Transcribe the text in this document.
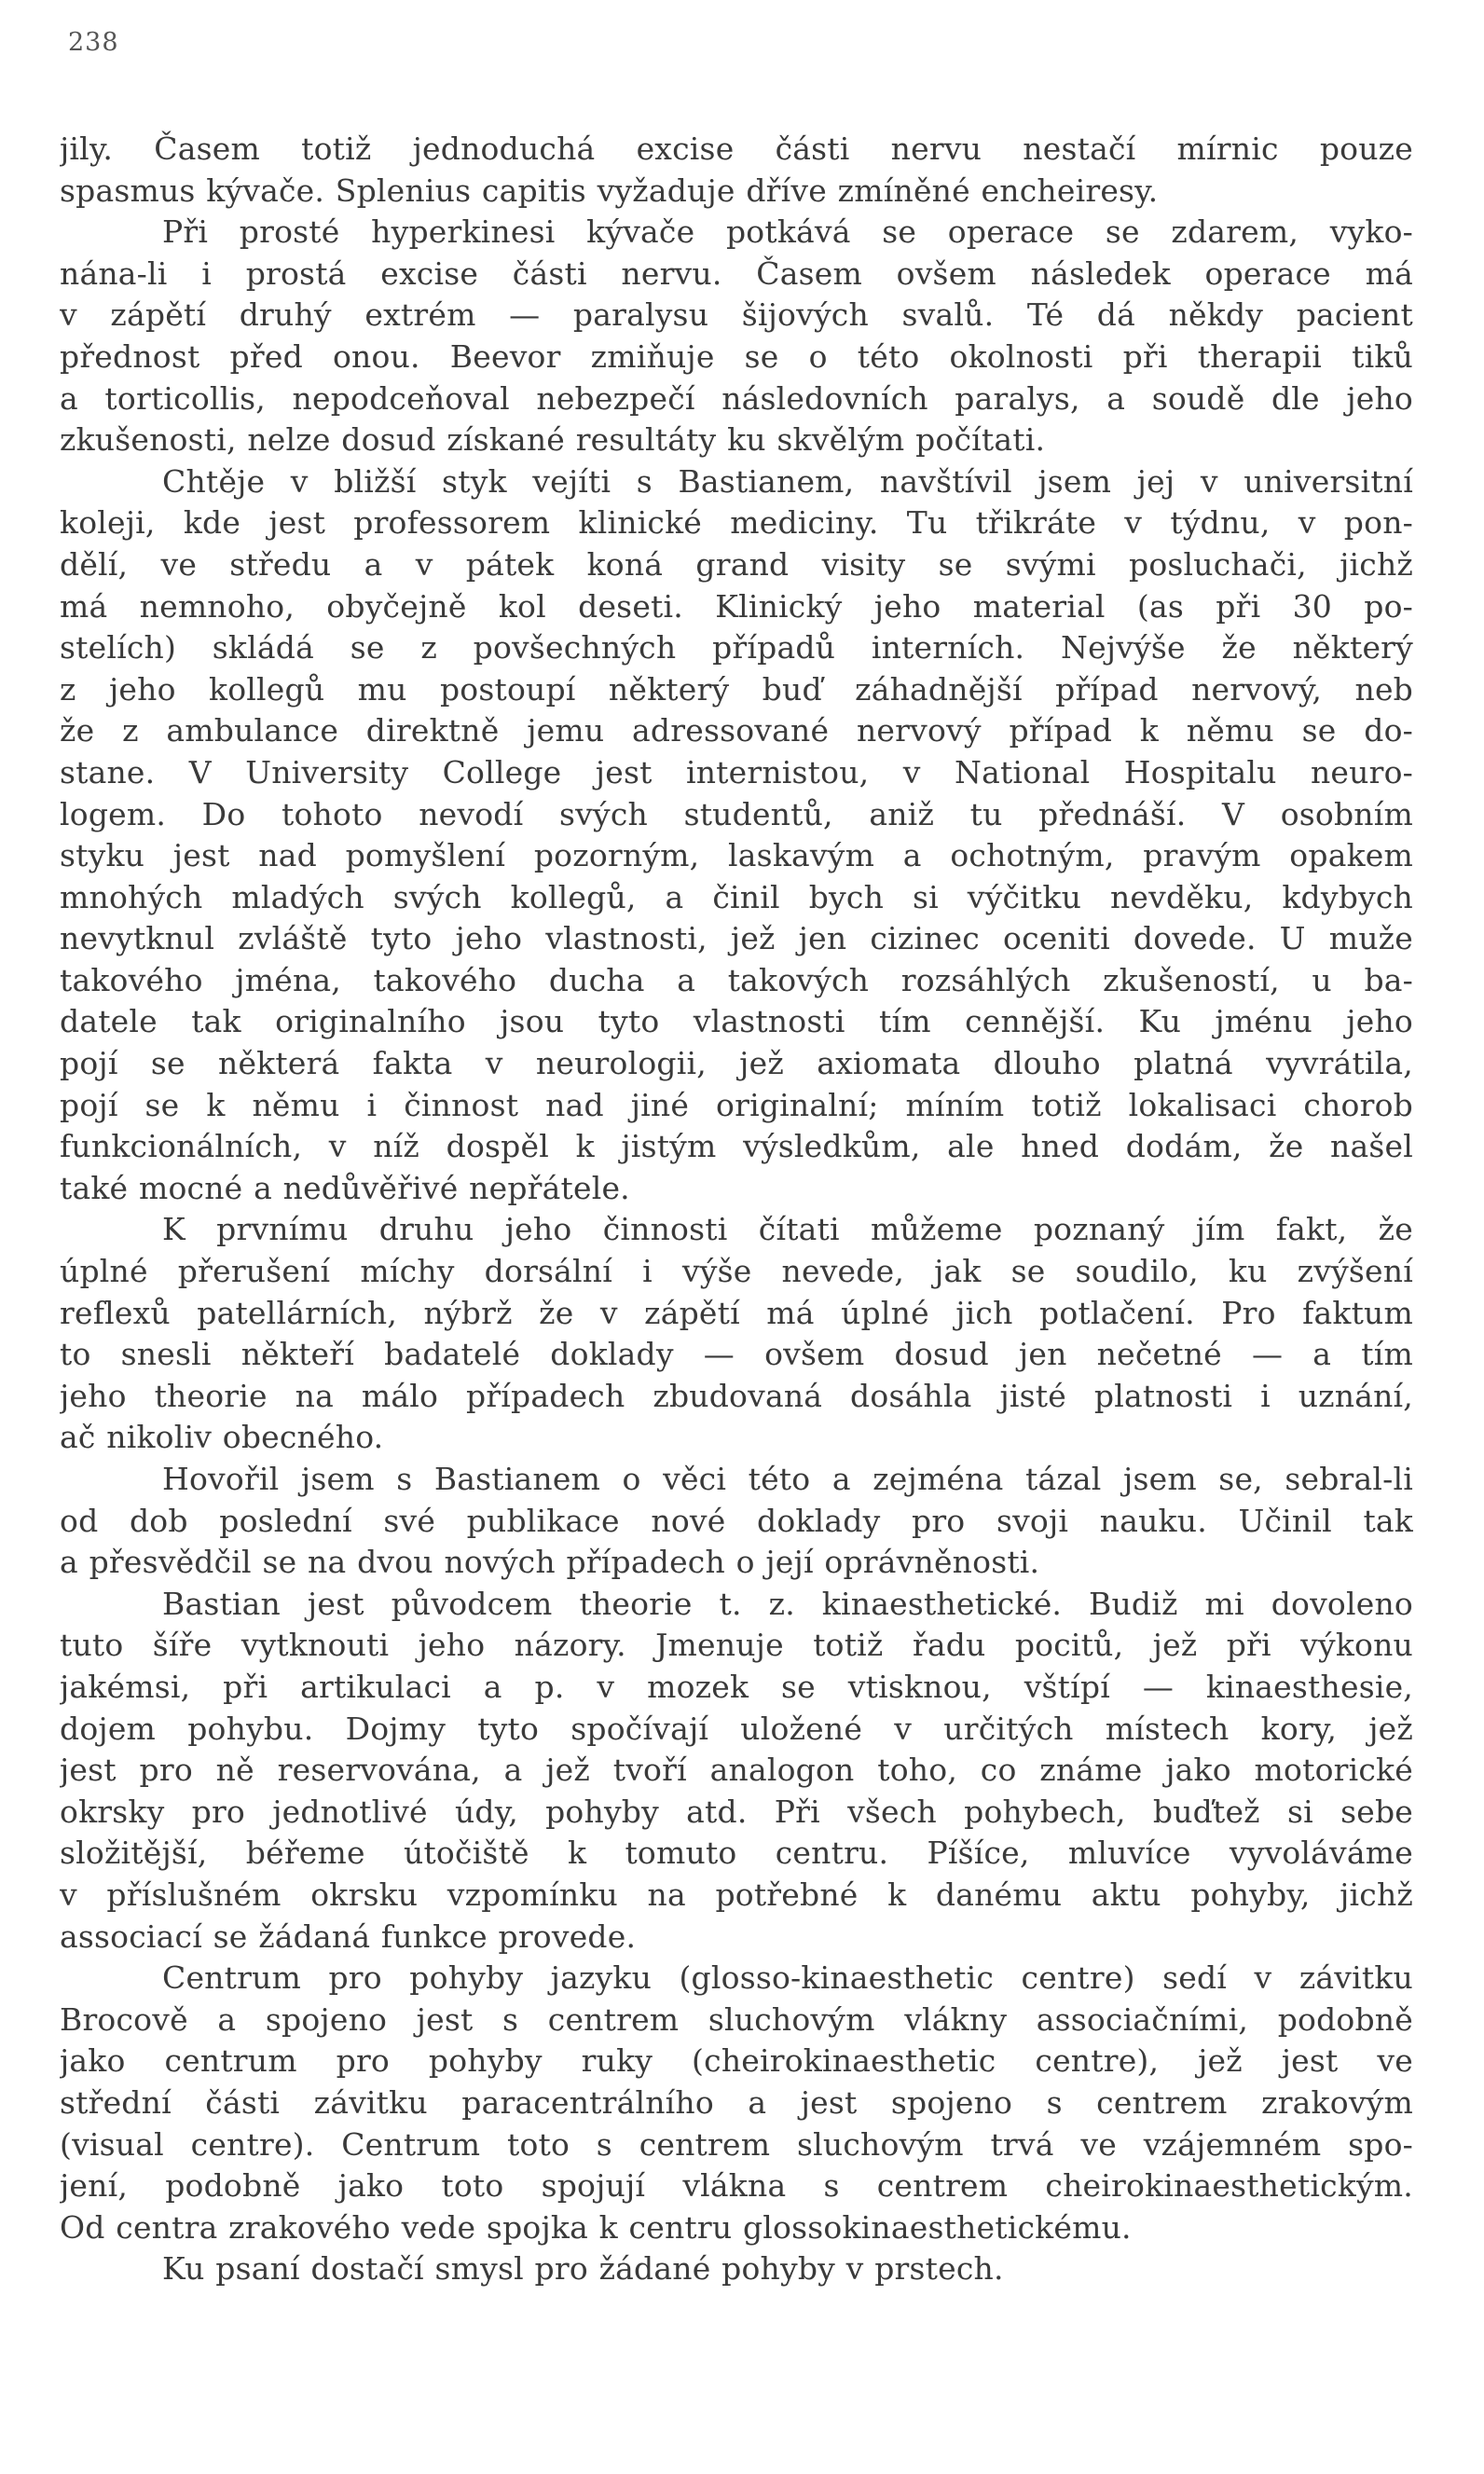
238
jily. Časem totiž jednoduchá excise části nervu nestačí mírnic pouze
spasmus kývače. Splenius capitis vyžaduje dříve zmíněné encheiresy.
Při prosté hyperkinesi kývače potkává se operace se zdarem, vyko-
nána-li i prostá excise části nervu. Časem ovšem následek operace má
v zápětí druhý extrém — paralysu šijových svalů. Té dá někdy pacient
přednost před onou. Beevor zmiňuje se o této okolnosti při therapii tiků
a torticollis, nepodceňoval nebezpečí následovních paralys, a soudě dle jeho
zkušenosti, nelze dosud získané resultáty ku skvělým počítati.
Chtěje v bližší styk vejíti s Bastianem, navštívil jsem jej v universitní
koleji, kde jest professorem klinické mediciny. Tu třikráte v týdnu, v pon-
dělí, ve středu a v pátek koná grand visity se svými posluchači, jichž
má nemnoho, obyčejně kol deseti. Klinický jeho material (as při 30 po-
stelích) skládá se z povšechných případů interních. Nejvýše že některý
z jeho kollegů mu postoupí některý buď záhadnější případ nervový, neb
že z ambulance direktně jemu adressované nervový případ k němu se do-
stane. V University College jest internistou, v National Hospitalu neuro-
logem. Do tohoto nevodí svých studentů, aniž tu přednáší. V osobním
styku jest nad pomyšlení pozorným, laskavým a ochotným, pravým opakem
mnohých mladých svých kollegů, a činil bych si výčitku nevděku, kdybych
nevytknul zvláště tyto jeho vlastnosti, jež jen cizinec oceniti dovede. U muže
takového jména, takového ducha a takových rozsáhlých zkušeností, u ba-
datele tak originalního jsou tyto vlastnosti tím cennější. Ku jménu jeho
pojí se některá fakta v neurologii, jež axiomata dlouho platná vyvrátila,
pojí se k němu i činnost nad jiné originalní; míním totiž lokalisaci chorob
funkcionálních, v níž dospěl k jistým výsledkům, ale hned dodám, že našel
také mocné a nedůvěřivé nepřátele.
K prvnímu druhu jeho činnosti čítati můžeme poznaný jím fakt, že
úplné přerušení míchy dorsální i výše nevede, jak se soudilo, ku zvýšení
reflexů patellárních, nýbrž že v zápětí má úplné jich potlačení. Pro faktum
to snesli někteří badatelé doklady — ovšem dosud jen nečetné — a tím
jeho theorie na málo případech zbudovaná dosáhla jisté platnosti i uznání,
ač nikoliv obecného.
Hovořil jsem s Bastianem o věci této a zejména tázal jsem se, sebral-li
od dob poslední své publikace nové doklady pro svoji nauku. Učinil tak
a přesvědčil se na dvou nových případech o její oprávněnosti.
Bastian jest původcem theorie t. z. kinaesthetické. Budiž mi dovoleno
tuto šíře vytknouti jeho názory. Jmenuje totiž řadu pocitů, jež při výkonu
jakémsi, při artikulaci a p. v mozek se vtisknou, vštípí — kinaesthesie,
dojem pohybu. Dojmy tyto spočívají uložené v určitých místech kory, jež
jest pro ně reservována, a jež tvoří analogon toho, co známe jako motorické
okrsky pro jednotlivé údy, pohyby atd. Při všech pohybech, buďtež si sebe
složitější, béřeme útočiště k tomuto centru. Píšíce, mluvíce vyvoláváme
v příslušném okrsku vzpomínku na potřebné k danému aktu pohyby, jichž
associací se žádaná funkce provede.
Centrum pro pohyby jazyku (glosso-kinaesthetic centre) sedí v závitku
Brocově a spojeno jest s centrem sluchovým vlákny associačními, podobně
jako centrum pro pohyby ruky (cheirokinaesthetic centre), jež jest ve
střední části závitku paracentrálního a jest spojeno s centrem zrakovým
(visual centre). Centrum toto s centrem sluchovým trvá ve vzájemném spo-
jení, podobně jako toto spojují vlákna s centrem cheirokinaesthetickým.
Od centra zrakového vede spojka k centru glossokinaesthetickému.
Ku psaní dostačí smysl pro žádané pohyby v prstech.
